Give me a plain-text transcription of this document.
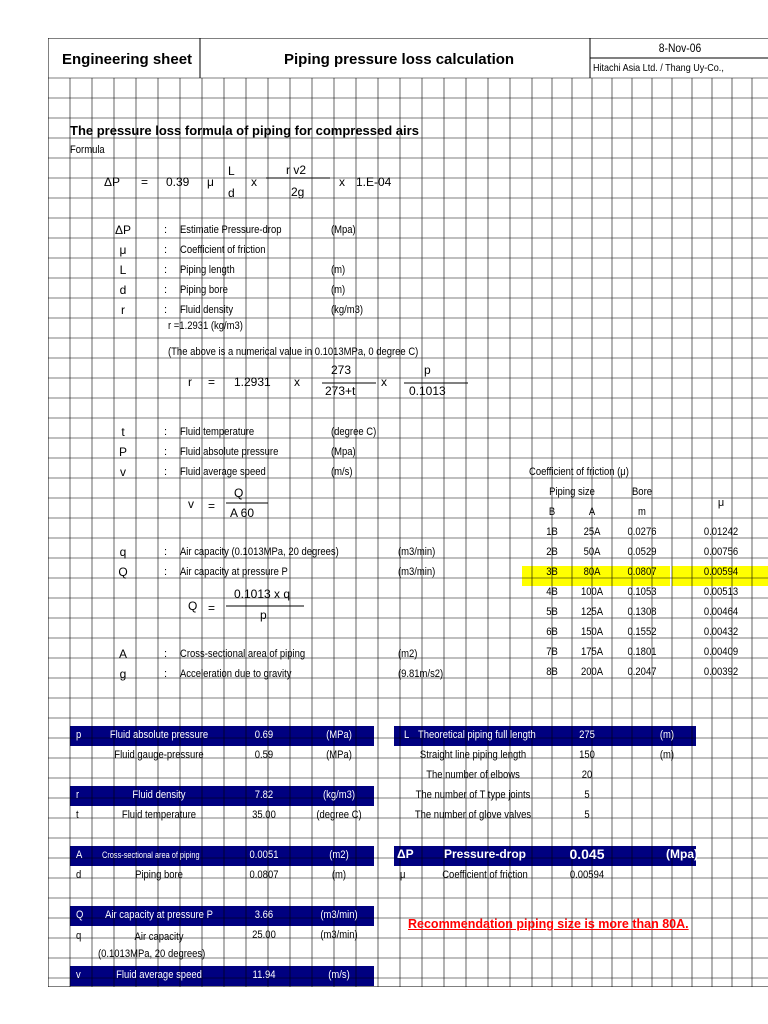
Engineering sheet	Piping pressure loss calculation
8-Nov-06
Hitachi Asia Ltd. / Thang Uy-Co.,
The pressure loss formula of piping for compressed airs
Formula
ΔP = 0.39 μ
L
d
x
r v2
2g
x 1.E-04
r =1.2931 (kg/m3)
(The above is a numerical value in 0.1013MPa, 0 degree C)
r = 1.2931 x
273
273+t
x
p
0.1013
v =
Q
A 60
Q =
0.1013 x q
p
Coefficient of friction (μ)
Piping size	Bore
μ
B	A	m
p	Fluid absolute pressure	0.69	(MPa)
Fluid gauge-pressure	0.59	(MPa)
r	Fluid density	7.82	(kg/m3)
t	Fluid temperature	35.00	(degree C)
A Cross-sectional area of piping	0.0051	(m2)
d	Piping bore	0.0807	(m)
Q Air capacity at pressure P	3.66	(m3/min)
q	Air capacity
(0.1013MPa, 20 degrees)
25.00	(m3/min)
v	Fluid average speed	11.94	(m/s)
L Theoretical piping full length	275	(m)
Straight line piping length	150	(m)
The number of elbows	20
The number of T type joints	5
The number of glove valves	5
ΔP	Pressure-drop	0.045	(Mpa)
μ	Coefficient of friction	0.00594
Recommendation piping size is more than 80A.
ΔP	: Estimatie Pressure-drop	(Mpa)
μ	: Coefficient of friction
L	: Piping length	(m)
d	: Piping bore	(m)
r	: Fluid density	(kg/m3)
t	: Fluid temperature	(degree C)
P	: Fluid absolute pressure	(Mpa)
v	: Fluid average speed	(m/s)
q	: Air capacity (0.1013MPa, 20 degrees)	(m3/min)
Q	: Air capacity at pressure P	(m3/min)
A	: Cross-sectional area of piping	(m2)
g	: Acceleration due to gravity	(9.81m/s2)
1B	25A	0.0276	0.01242
2B	50A	0.0529	0.00756
3B	80A	0.0807	0.00594
4B	100A	0.1053	0.00513
5B	125A	0.1308	0.00464
6B	150A	0.1552	0.00432
7B	175A	0.1801	0.00409
8B	200A	0.2047	0.00392
